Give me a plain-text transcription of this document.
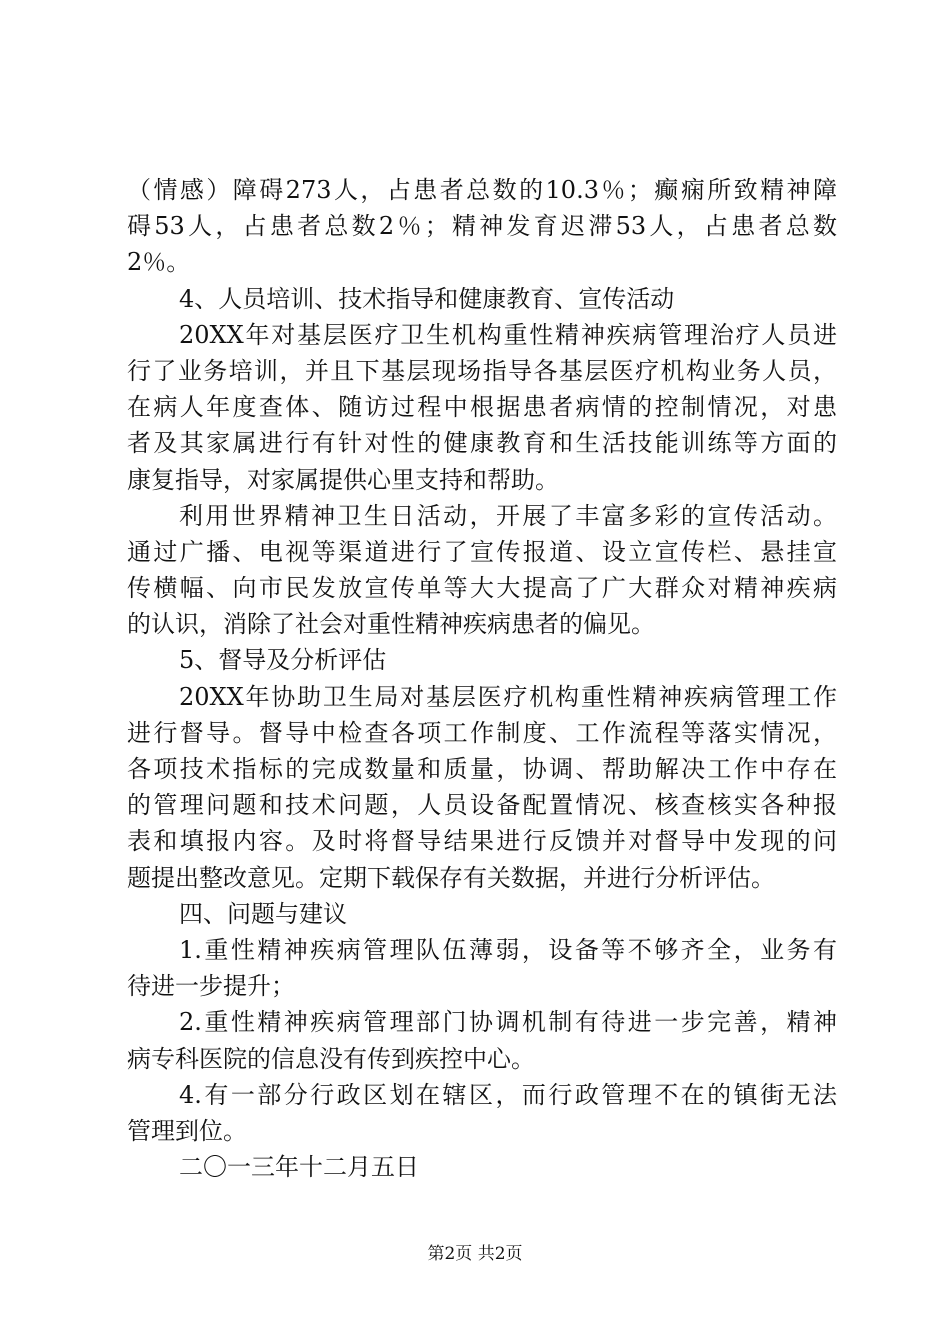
（情感）障碍273人，占患者总数的10.3％；癫痫所致精神障
碍53人，占患者总数2％；精神发育迟滞53人，占患者总数
2％。
4、人员培训、技术指导和健康教育、宣传活动
20XX年对基层医疗卫生机构重性精神疾病管理治疗人员进
行了业务培训，并且下基层现场指导各基层医疗机构业务人员，
在病人年度查体、随访过程中根据患者病情的控制情况，对患
者及其家属进行有针对性的健康教育和生活技能训练等方面的
康复指导，对家属提供心里支持和帮助。
利用世界精神卫生日活动，开展了丰富多彩的宣传活动。
通过广播、电视等渠道进行了宣传报道、设立宣传栏、悬挂宣
传横幅、向市民发放宣传单等大大提高了广大群众对精神疾病
的认识，消除了社会对重性精神疾病患者的偏见。
5、督导及分析评估
20XX年协助卫生局对基层医疗机构重性精神疾病管理工作
进行督导。督导中检查各项工作制度、工作流程等落实情况，
各项技术指标的完成数量和质量，协调、帮助解决工作中存在
的管理问题和技术问题，人员设备配置情况、核查核实各种报
表和填报内容。及时将督导结果进行反馈并对督导中发现的问
题提出整改意见。定期下载保存有关数据，并进行分析评估。
四、问题与建议
1.重性精神疾病管理队伍薄弱，设备等不够齐全，业务有
待进一步提升；
2.重性精神疾病管理部门协调机制有待进一步完善，精神
病专科医院的信息没有传到疾控中心。
4.有一部分行政区划在辖区，而行政管理不在的镇街无法
管理到位。
二〇一三年十二月五日
第2页 共2页
